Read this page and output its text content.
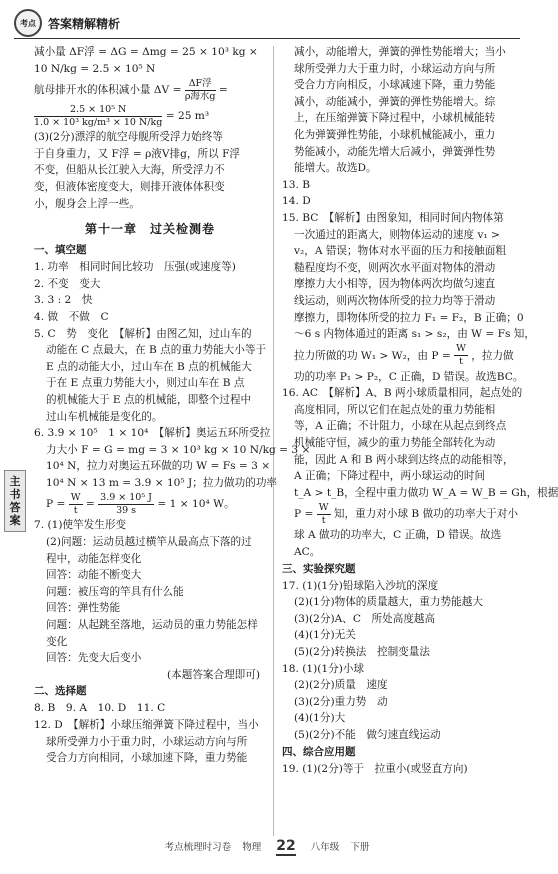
考点	答案精解精析
主
书
答
案
减小量 ΔF浮 = ΔG = Δmg = 25 × 10³ kg ×
10 N/kg = 2.5 × 10⁵ N
航母排开水的体积减小量 $\Delta V = \frac{\text{ΔF浮}}{\text{ρ海水g}}$ =
$\frac{\text{2.5 × 10⁵ N}}{\text{1.0 × 10³ kg/m³ × 10 N/kg}} = 25$ m³
(3)(2分)漂浮的航空母舰所受浮力始终等
于自身重力，又 F浮 = ρ液V排g，所以 F浮
不变，但船从长江驶入大海，所受浮力不
变，但液体密度变大，则排开液体体积变
小，舰身会上浮一些。
第十一章　过关检测卷
一、填空题
1. 功率　相同时间比较功　压强(或速度等)
2. 不变　变大
3. 3 : 2　快
4. 做　不做　C
5. C　势　变化　【解析】由图乙知，过山车的
动能在 C 点最大，在 B 点的重力势能大小等于
E 点的动能大小，过山车在 B 点的机械能大
于在 E 点重力势能大小，则过山车在 B 点
的机械能大于 E 点的机械能，即整个过程中
过山车机械能是变化的。
6. 3.9 × 10⁵　1 × 10⁴　【解析】奥运五环所受拉
力大小 F = G = mg = 3 × 10³ kg × 10 N/kg = 3 ×
10⁴ N，拉力对奥运五环做的功 W = Fs = 3 ×
10⁴ N × 13 m = 3.9 × 10⁵ J；拉力做功的功率
$P = \frac{W}{t} = \frac{\text{3.9 × 10⁵ J}}{39 s} = 1 \times 10^4$ W。
7. (1)使竿发生形变
(2)问题：运动员越过横竿从最高点下落的过
程中，动能怎样变化
回答：动能不断变大
问题：被压弯的竿具有什么能
回答：弹性势能
问题：从起跳至落地，运动员的重力势能怎样
变化
回答：先变大后变小
(本题答案合理即可)
二、选择题
8. B　9. A　10. D　11. C
12. D　【解析】小球压缩弹簧下降过程中，当小
球所受弹力小于重力时，小球运动方向与所
受合力方向相同，小球加速下降，重力势能
减小，动能增大，弹簧的弹性势能增大；当小
球所受弹力大于重力时，小球运动方向与所
受合力方向相反，小球减速下降，重力势能
减小，动能减小，弹簧的弹性势能增大。综
上，在压缩弹簧下降过程中，小球机械能转
化为弹簧弹性势能，小球机械能减小，重力
势能减小，动能先增大后减小，弹簧弹性势
能增大。故选D。
13. B
14. D
15. BC　【解析】由图象知，相同时间内物体第
一次通过的距离大，则物体运动的速度 v₁ >
v₂，A 错误；物体对水平面的压力和接触面粗
糙程度均不变，则两次水平面对物体的滑动
摩擦力大小相等，因为物体两次均做匀速直
线运动，则两次物体所受的拉力均等于滑动
摩擦力，即物体所受的拉力 F₁ = F₂，B 正确；0
～6 s 内物体通过的距离 s₁ > s₂，由 W = Fs 知，
拉力所做的功 W₁ > W₂，由 $P = \frac{W}{t}$ ，拉力做
功的功率 P₁ > P₂，C 正确，D 错误。故选BC。
16. AC　【解析】A、B 两小球质量相同，起点处的
高度相同，所以它们在起点处的重力势能相
等，A 正确；不计阻力，小球在从起点到终点
机械能守恒，减少的重力势能全部转化为动
能，因此 A 和 B 两小球到达终点的动能相等，
A 正确；下降过程中，两小球运动的时间
t_A > t_B，全程中重力做功 W_A = W_B = Gh，根据
$P = \frac{W}{t}$ 知，重力对小球 B 做功的功率大于对小
球 A 做功的功率大，C 正确，D 错误。故选
AC。
三、实验探究题
17. (1)(1分)铅球陷入沙坑的深度
(2)(1分)物体的质量越大，重力势能越大
(3)(2分)A、C　所处高度越高
(4)(1分)无关
(5)(2分)转换法　控制变量法
18. (1)(1分)小球
(2)(2分)质量　速度
(3)(2分)重力势　动
(4)(1分)大
(5)(2分)不能　做匀速直线运动
四、综合应用题
19. (1)(2分)等于　拉重小(或竖直方向)
考点梳理时习卷 物理 22 八年级 下册
